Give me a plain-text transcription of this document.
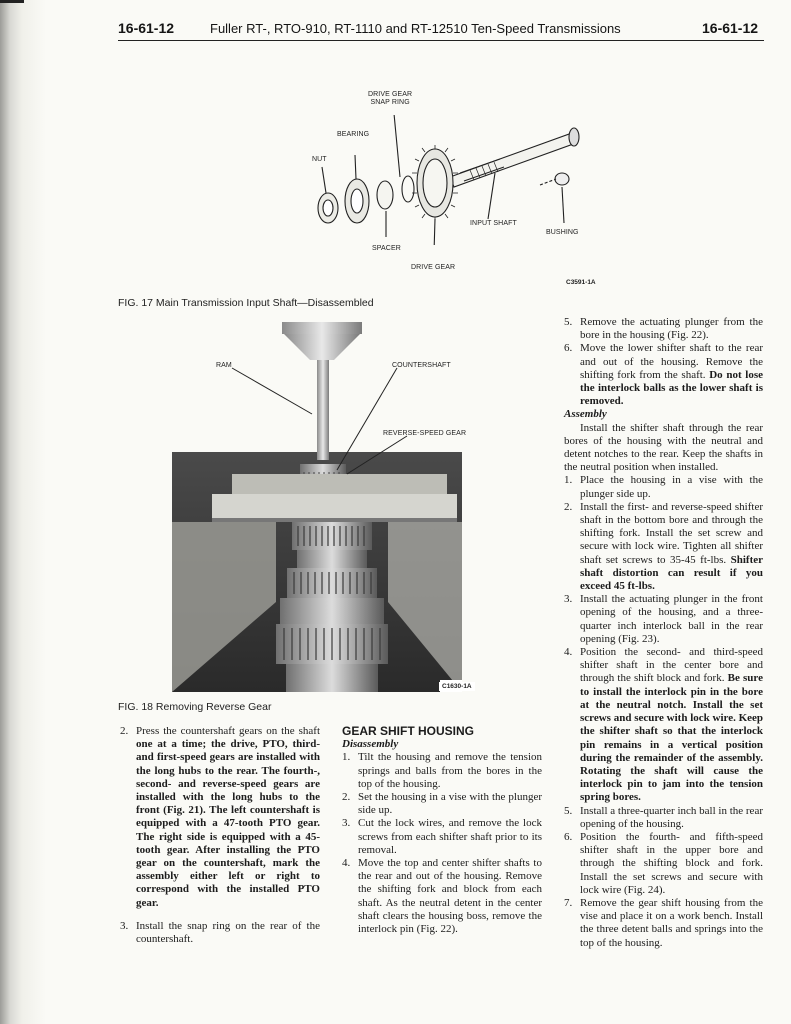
16-61-12	Fuller RT-, RTO-910, RT-1110 and RT-12510 Ten-Speed Transmissions	16-61-12
DRIVE GEAR
SNAP RING
BEARING
NUT
INPUT SHAFT
BUSHING
SPACER
DRIVE GEAR
C3591-1A
FIG. 17 Main Transmission Input Shaft—Disassembled
RAM	COUNTERSHAFT
REVERSE-SPEED GEAR
C1630-1A
FIG. 18 Removing Reverse Gear

2. Press the countershaft gears on the shaft one at a time; the drive, PTO, third- and first-speed gears are installed with the long hubs to the rear. The fourth-, second- and reverse-speed gears are installed with the long hubs to the front (Fig. 21). The left countershaft is equipped with a 47-tooth PTO gear. The right side is equipped with a 45-tooth gear. After installing the PTO gear on the countershaft, mark the assembly either left or right to correspond with the installed PTO gear.

3. Install the snap ring on the rear of the countershaft.

GEAR SHIFT HOUSING

Disassembly

1. Tilt the housing and remove the tension springs and balls from the bores in the top of the housing.

2. Set the housing in a vise with the plunger side up.

3. Cut the lock wires, and remove the lock screws from each shifter shaft prior to its removal.

4. Move the top and center shifter shafts to the rear and out of the housing. Remove the shifting fork and block from each shaft. As the neutral detent in the center shaft clears the housing boss, remove the interlock pin (Fig. 22).

5. Remove the actuating plunger from the bore in the housing (Fig. 22).

6. Move the lower shifter shaft to the rear and out of the housing. Remove the shifting fork from the shaft. Do not lose the interlock balls as the lower shaft is removed.

Assembly

Install the shifter shaft through the rear bores of the housing with the neutral and detent notches to the rear. Keep the shafts in the neutral position when installed.

1. Place the housing in a vise with the plunger side up.

2. Install the first- and reverse-speed shifter shaft in the bottom bore and through the shifting fork. Install the set screw and secure with lock wire. Tighten all shifter shaft set screws to 35-45 ft-lbs. Shifter shaft distortion can result if you exceed 45 ft-lbs.

3. Install the actuating plunger in the front opening of the housing, and a three-quarter inch interlock ball in the rear opening (Fig. 23).

4. Position the second- and third-speed shifter shaft in the center bore and through the shift block and fork. Be sure to install the interlock pin in the bore at the neutral notch. Install the set screws and secure with lock wire. Keep the shifter shaft so that the interlock pin remains in a vertical position during the remainder of the assembly. Rotating the shaft will cause the interlock pin to jam into the tension spring bores.

5. Install a three-quarter inch ball in the rear opening of the housing.

6. Position the fourth- and fifth-speed shifter shaft in the upper bore and through the shifting block and fork. Install the set screws and secure with lock wire (Fig. 24).

7. Remove the gear shift housing from the vise and place it on a work bench. Install the three detent balls and springs into the top of the housing.
